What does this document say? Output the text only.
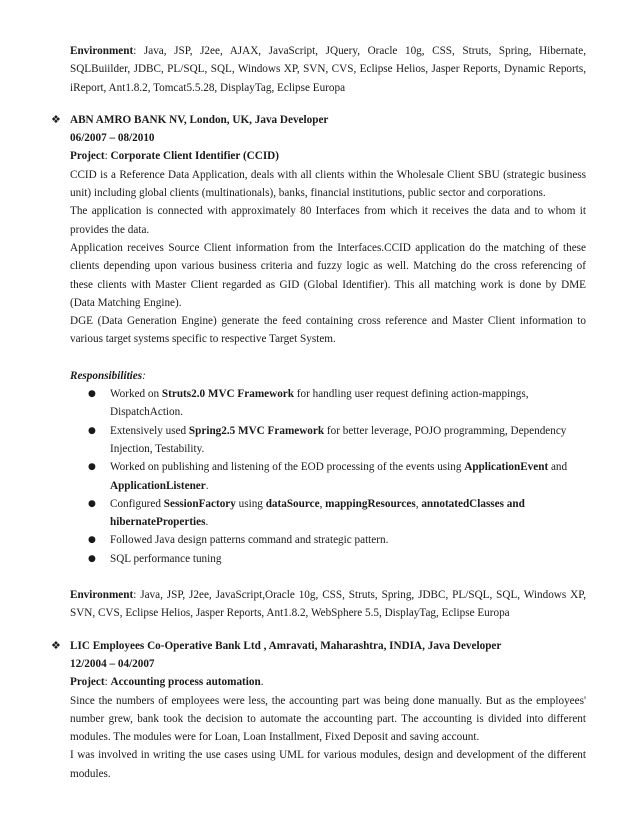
Environment: Java, JSP, J2ee, AJAX, JavaScript, JQuery, Oracle 10g, CSS, Struts, Spring, Hibernate, SQLBuiilder, JDBC, PL/SQL, SQL, Windows XP, SVN, CVS, Eclipse Helios, Jasper Reports, Dynamic Reports, iReport, Ant1.8.2, Tomcat5.5.28, DisplayTag, Eclipse Europa

❖ ABN AMRO BANK NV, London, UK, Java Developer

06/2007 – 08/2010

Project: Corporate Client Identifier (CCID)

CCID is a Reference Data Application, deals with all clients within the Wholesale Client SBU (strategic business unit) including global clients (multinationals), banks, financial institutions, public sector and corporations.

The application is connected with approximately 80 Interfaces from which it receives the data and to whom it provides the data.

Application receives Source Client information from the Interfaces.CCID application do the matching of these clients depending upon various business criteria and fuzzy logic as well. Matching do the cross referencing of these clients with Master Client regarded as GID (Global Identifier). This all matching work is done by DME (Data Matching Engine).

DGE (Data Generation Engine) generate the feed containing cross reference and Master Client information to various target systems specific to respective Target System.

Responsibilities:

● Worked on Struts2.0 MVC Framework for handling user request defining action-mappings, DispatchAction.
● Extensively used Spring2.5 MVC Framework for better leverage, POJO programming, Dependency Injection, Testability.
● Worked on publishing and listening of the EOD processing of the events using ApplicationEvent and ApplicationListener.
● Configured SessionFactory using dataSource, mappingResources, annotatedClasses and hibernateProperties.
● Followed Java design patterns command and strategic pattern.
● SQL performance tuning

Environment: Java, JSP, J2ee, JavaScript,Oracle 10g, CSS, Struts, Spring, JDBC, PL/SQL, SQL, Windows XP, SVN, CVS, Eclipse Helios, Jasper Reports, Ant1.8.2, WebSphere 5.5, DisplayTag, Eclipse Europa

❖ LIC Employees Co-Operative Bank Ltd , Amravati, Maharashtra, INDIA, Java Developer

12/2004 – 04/2007

Project: Accounting process automation.

Since the numbers of employees were less, the accounting part was being done manually. But as the employees' number grew, bank took the decision to automate the accounting part. The accounting is divided into different modules. The modules were for Loan, Loan Installment, Fixed Deposit and saving account.

I was involved in writing the use cases using UML for various modules, design and development of the different modules.
